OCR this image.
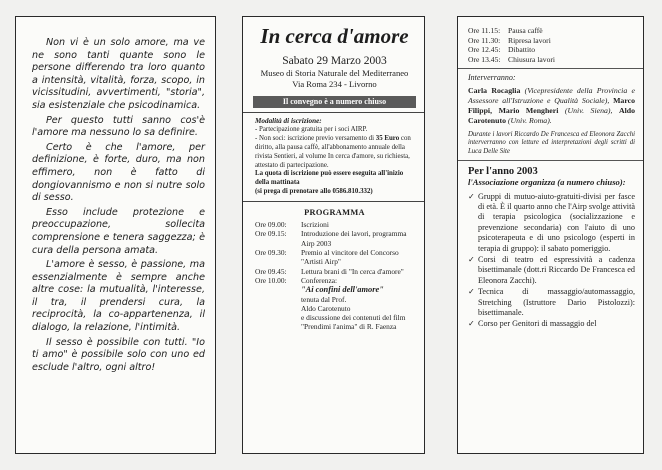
Non vi è un solo amore, ma ve ne sono tanti quante sono le persone differendo tra loro quanto a intensità, vitalità, forza, scopo, in vicissitudini, avvertimenti, "storia", sia esistenziale che psicodinamica.

Per questo tutti sanno cos'è l'amore ma nessuno lo sa definire.

Certo è che l'amore, per definizione, è forte, duro, ma non effimero, non è fatto di dongiovannismo e non si nutre solo di sesso.

Esso include protezione e preoccupazione, sollecita comprensione e tenera saggezza; è cura della persona amata.

L'amore è sesso, è passione, ma essenzialmente è sempre anche altre cose: la mutualità, l'interesse, il tra, il prendersi cura, la reciprocità, la co-appartenenza, il dialogo, la relazione, l'intimità.

Il sesso è possibile con tutti. "Io ti amo" è possibile solo con uno ed esclude l'altro, ogni altro!

In cerca d'amore
Sabato 29 Marzo 2003
Museo di Storia Naturale del Mediterraneo
Via Roma 234 - Livorno
Il convegno è a numero chiuso
Modalità di iscrizione:
- Partecipazione gratuita per i soci AIRP.
- Non soci: iscrizione previo versamento di 35 Euro con diritto, alla pausa caffè, all'abbonamento annuale della rivista Sentieri, al volume In cerca d'amore, su richiesta, attestato di partecipazione.
La quota di iscrizione può essere eseguita all'inizio della mattinata
(si prega di prenotare allo 0586.810.332)
PROGRAMMA
Ore 09.00:	Iscrizioni
Ore 09.15:	Introduzione dei lavori, programma Airp 2003
Ore 09.30:	Premio al vincitore del Concorso "Artisti Airp"
Ore 09.45:	Lettura brani di "In cerca d'amore"
Ore 10.00:	Conferenza:
"Ai confini dell'amore"
tenuta dal Prof.
Aldo Carotenuto
e discussione dei contenuti del film "Prendimi l'anima" di R. Faenza
Ore 11.15:	Pausa caffè
Ore 11.30:	Ripresa lavori
Ore 12.45: Dibattito
Ore 13.45: Chiusura lavori
Interverranno:
Carla Rocaglia (Vicepresidente della Provincia e Assessore all'Istruzione e Qualità Sociale), Marco Filippi, Mario Mengheri (Univ. Siena), Aldo Carotenuto (Univ. Roma).
Durante i lavori Riccardo De Francesca ed Eleonora Zacchi interverranno con letture ed interpretazioni degli scritti di Luca Delle Site
Per l'anno 2003
l'Associazione organizza (a numero chiuso):
✓ Gruppi di mutuo-aiuto-gratuiti-divisi per fasce di età. È il quarto anno che l'Airp svolge attività di terapia psicologica (socializzazione e prevenzione secondaria) con l'aiuto di uno psicoterapeuta e di uno psicologo (esperti in terapia di gruppo): il sabato pomeriggio.
✓ Corsi di teatro ed espressività a cadenza bisettimanale (dott.ri Riccardo De Francesca ed Eleonora Zacchi).
✓ Tecnica di massaggio/automassaggio, Stretching (Istruttore Dario Pistolozzi): bisettimanale.
✓ Corso per Genitori di massaggio del
